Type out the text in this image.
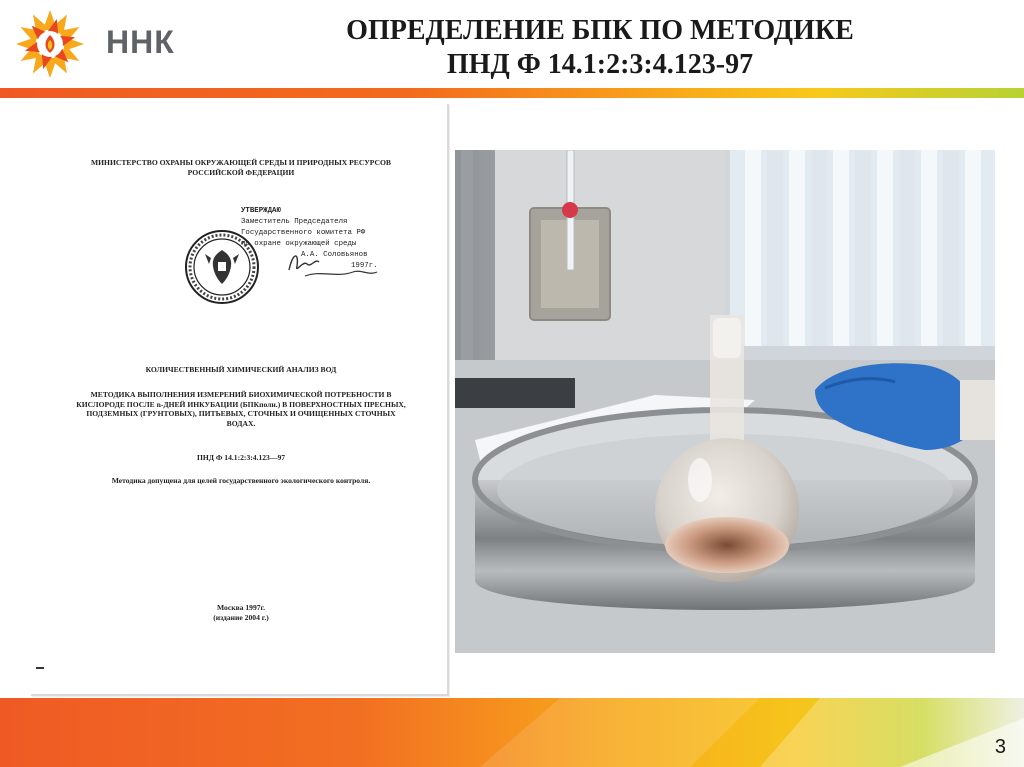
ННК	ОПРЕДЕЛЕНИЕ БПК ПО МЕТОДИКЕ
ПНД Ф 14.1:2:3:4.123-97
МИНИСТЕРСТВО ОХРАНЫ ОКРУЖАЮЩЕЙ СРЕДЫ И ПРИРОДНЫХ РЕСУРСОВ РОССИЙСКОЙ ФЕДЕРАЦИИ
УТВЕРЖДАЮ
Заместитель Председателя
Государственного комитета РФ
по охране окружающей среды
А.А. Соловьянов
1997г.
КОЛИЧЕСТВЕННЫЙ ХИМИЧЕСКИЙ АНАЛИЗ ВОД
МЕТОДИКА ВЫПОЛНЕНИЯ ИЗМЕРЕНИЙ БИОХИМИЧЕСКОЙ ПОТРЕБНОСТИ В КИСЛОРОДЕ ПОСЛЕ n-ДНЕЙ ИНКУБАЦИИ (БПКполн.) В ПОВЕРХНОСТНЫХ ПРЕСНЫХ, ПОДЗЕМНЫХ (ГРУНТОВЫХ), ПИТЬЕВЫХ, СТОЧНЫХ И ОЧИЩЕННЫХ СТОЧНЫХ ВОДАХ.
ПНД Ф 14.1:2:3:4.123—97
Методика допущена для целей государственного экологического контроля.
Москва 1997г.
(издание 2004 г.)
3
